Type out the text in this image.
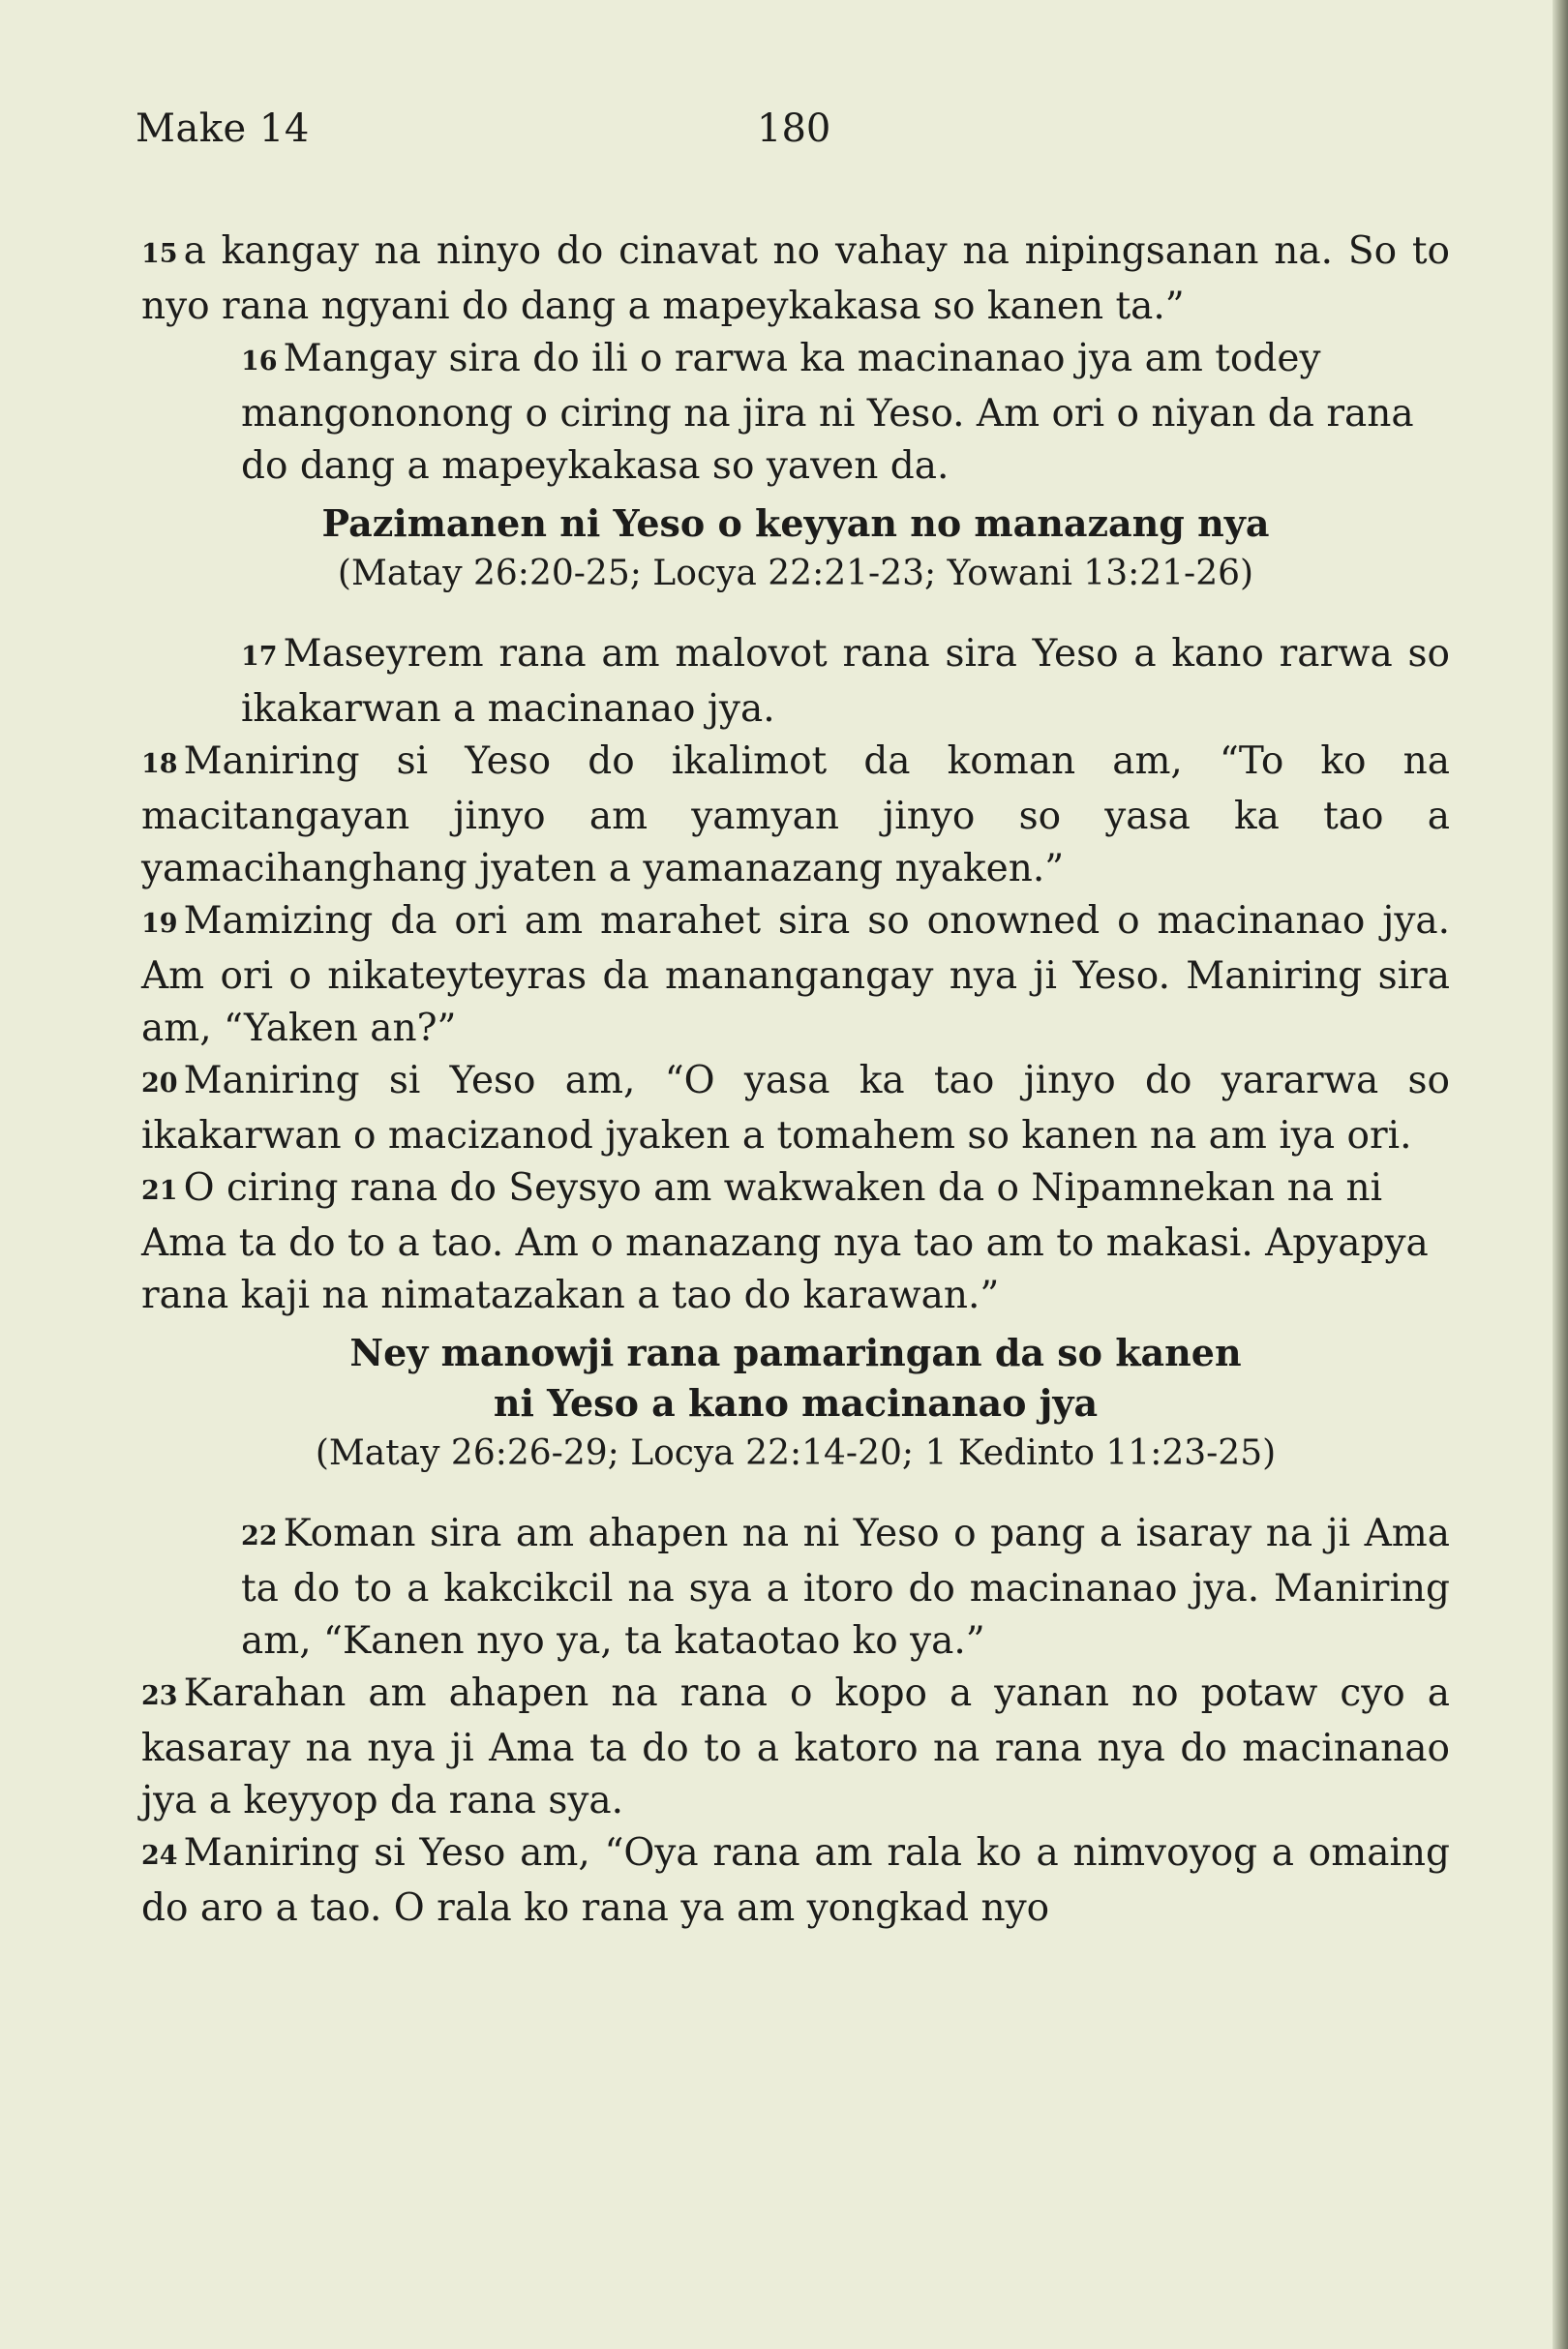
Make 14	180

15 a kangay na ninyo do cinavat no vahay na nipingsanan na. So to nyo rana ngyani do dang a mapeykakasa so kanen ta.”

16 Mangay sira do ili o rarwa ka macinanao jya am todey mangononong o ciring na jira ni Yeso. Am ori o niyan da rana do dang a mapeykakasa so yaven da.

Pazimanen ni Yeso o keyyan no manazang nya
(Matay 26:20-25; Locya 22:21-23; Yowani 13:21-26)

17 Maseyrem rana am malovot rana sira Yeso a kano rarwa so ikakarwan a macinanao jya.

18 Maniring si Yeso do ikalimot da koman am, “To ko na macitangayan jinyo am yamyan jinyo so yasa ka tao a yamacihanghang jyaten a yamanazang nyaken.”

19 Mamizing da ori am marahet sira so onowned o macinanao jya. Am ori o nikateyteyras da manangangay nya ji Yeso. Maniring sira am, “Yaken an?”

20 Maniring si Yeso am, “O yasa ka tao jinyo do yararwa so ikakarwan o macizanod jyaken a tomahem so kanen na am iya ori.

21 O ciring rana do Seysyo am wakwaken da o Nipamnekan na ni Ama ta do to a tao. Am o manazang nya tao am to makasi. Apyapya rana kaji na nimatazakan a tao do karawan.”

Ney manowji rana pamaringan da so kanen
ni Yeso a kano macinanao jya
(Matay 26:26-29; Locya 22:14-20; 1 Kedinto 11:23-25)

22 Koman sira am ahapen na ni Yeso o pang a isaray na ji Ama ta do to a kakcikcil na sya a itoro do macinanao jya. Maniring am, “Kanen nyo ya, ta kataotao ko ya.”

23 Karahan am ahapen na rana o kopo a yanan no potaw cyo a kasaray na nya ji Ama ta do to a katoro na rana nya do macinanao jya a keyyop da rana sya.

24 Maniring si Yeso am, “Oya rana am rala ko a nimvoyog a omaing do aro a tao. O rala ko rana ya am yongkad nyo
